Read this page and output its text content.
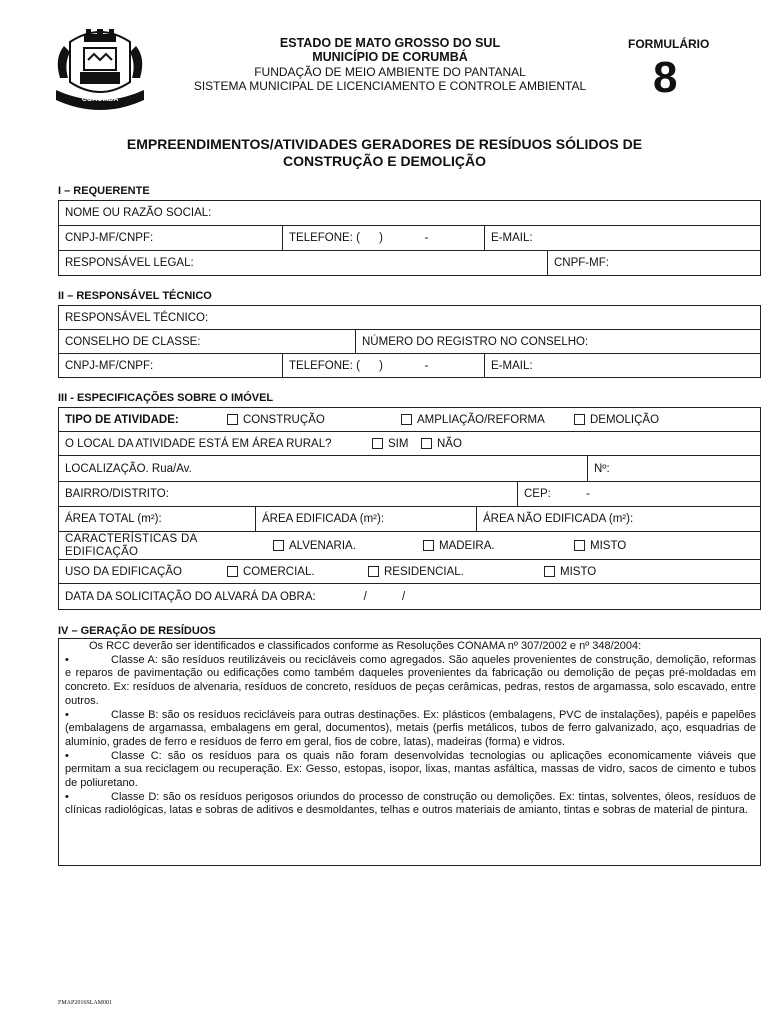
CORUMBÁ
ESTADO DE MATO GROSSO DO SUL
MUNICÍPIO DE CORUMBÁ
FUNDAÇÃO DE MEIO AMBIENTE DO PANTANAL
SISTEMA MUNICIPAL DE LICENCIAMENTO E CONTROLE AMBIENTAL
FORMULÁRIO
8
EMPREENDIMENTOS/ATIVIDADES GERADORES DE RESÍDUOS SÓLIDOS DE
CONSTRUÇÃO E DEMOLIÇÃO
I – REQUERENTE
NOME OU RAZÃO SOCIAL:
CNPJ-MF/CNPF:	TELEFONE: (      )             -	E-MAIL:
RESPONSÁVEL LEGAL:	CNPF-MF:
II – RESPONSÁVEL TÉCNICO
RESPONSÁVEL TÉCNICO:
CONSELHO DE CLASSE:	NÚMERO DO REGISTRO NO CONSELHO:
CNPJ-MF/CNPF:	TELEFONE: (      )             -	E-MAIL:
III - ESPECIFICAÇÕES SOBRE O IMÓVEL
TIPO DE ATIVIDADE:	CONSTRUÇÃO	AMPLIAÇÃO/REFORMA	DEMOLIÇÃO
O LOCAL DA ATIVIDADE ESTÁ EM ÁREA RURAL?	SIM NÃO
LOCALIZAÇÃO. Rua/Av.	Nº:
BAIRRO/DISTRITO:	CEP:           -
ÁREA TOTAL (m²):	ÁREA EDIFICADA (m²):	ÁREA NÃO EDIFICADA (m²):
CARACTERÍSTICAS DA EDIFICAÇÃO	ALVENARIA.	MADEIRA.	MISTO
USO DA EDIFICAÇÃO	COMERCIAL.	RESIDENCIAL.	MISTO
DATA DA SOLICITAÇÃO DO ALVARÁ DA OBRA:               /           /
IV – GERAÇÃO DE RESÍDUOS
Os RCC deverão ser identificados e classificados conforme as Resoluções CONAMA nº 307/2002 e nº 348/2004:
•	Classe A: são resíduos reutilizáveis ou recicláveis como agregados. São aqueles provenientes de construção, demolição, reformas e reparos de pavimentação ou edificações como também daqueles provenientes da fabricação ou demolição de peças pré-moldadas em concreto. Ex: resíduos de alvenaria, resíduos de concreto, resíduos de peças cerâmicas, pedras, restos de argamassa, solo escavado, entre outros.
•	Classe B: são os resíduos recicláveis para outras destinações. Ex: plásticos (embalagens, PVC de instalações), papéis e papelões (embalagens de argamassa, embalagens em geral, documentos), metais (perfis metálicos, tubos de ferro galvanizado, aço, esquadrias de alumínio, grades de ferro e resíduos de ferro em geral, fios de cobre, latas), madeiras (forma) e vidros.
•	Classe C: são os resíduos para os quais não foram desenvolvidas tecnologias ou aplicações economicamente viáveis que permitam a sua reciclagem ou recuperação. Ex: Gesso, estopas, isopor, lixas, mantas asfáltica, massas de vidro, sacos de cimento e tubos de poliuretano.
•	Classe D: são os resíduos perigosos oriundos do processo de construção ou demolições. Ex: tintas, solventes, óleos, resíduos de clínicas radiológicas, latas e sobras de aditivos e desmoldantes, telhas e outros materiais de amianto, tintas e sobras de material de pintura.
FMAP2016SLAM001
